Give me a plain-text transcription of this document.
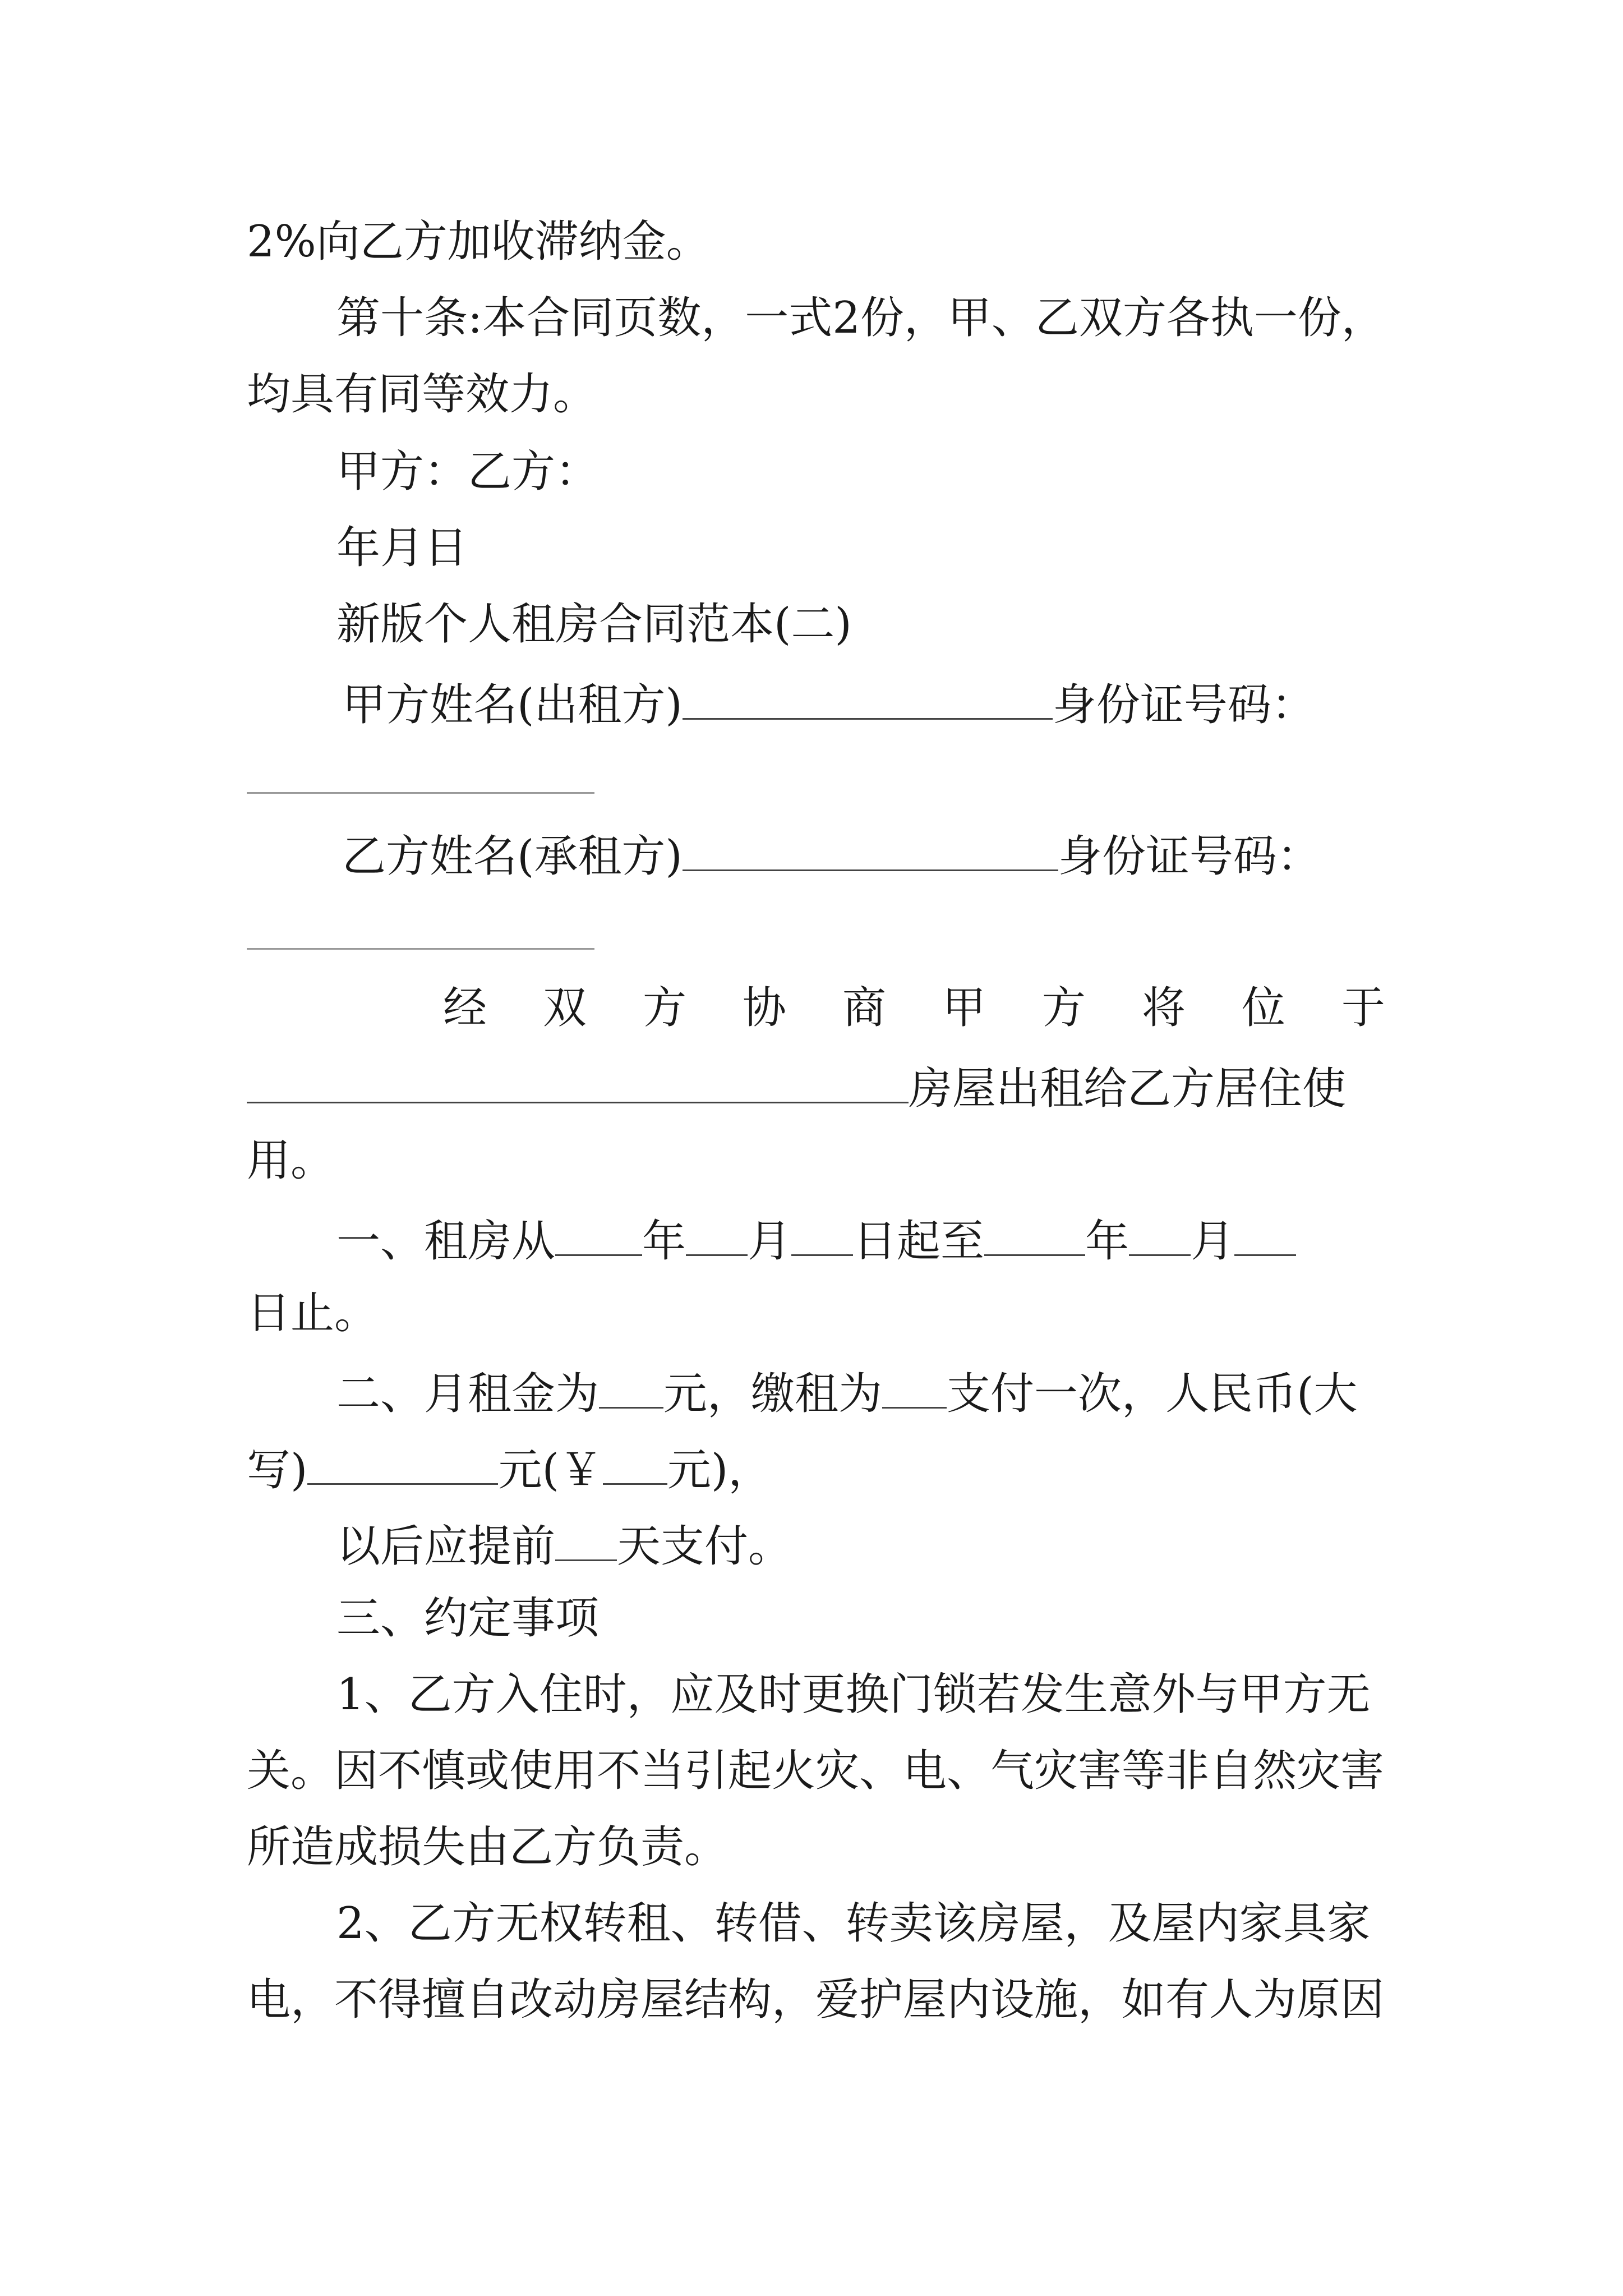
2%向乙方加收滞纳金。
第十条:本合同页数，一式2份，甲、乙双方各执一份，
均具有同等效力。
甲方：乙方：
年月日
新版个人租房合同范本(二)
甲方姓名(出租方)	身份证号码：
乙方姓名(承租方)	身份证号码：
经 双 方 协 商 甲 方 将 位 于
房屋出租给乙方居住使
用。
一、租房从 年 月 日起至 年 月
日止。
二、月租金为 元，缴租为 支付一次，人民币(大
写)	元(￥ 元)，
以后应提前 天支付。
三、约定事项
1、乙方入住时，应及时更换门锁若发生意外与甲方无
关。因不慎或使用不当引起火灾、电、气灾害等非自然灾害
所造成损失由乙方负责。
2、乙方无权转租、转借、转卖该房屋，及屋内家具家
电，不得擅自改动房屋结构，爱护屋内设施，如有人为原因
